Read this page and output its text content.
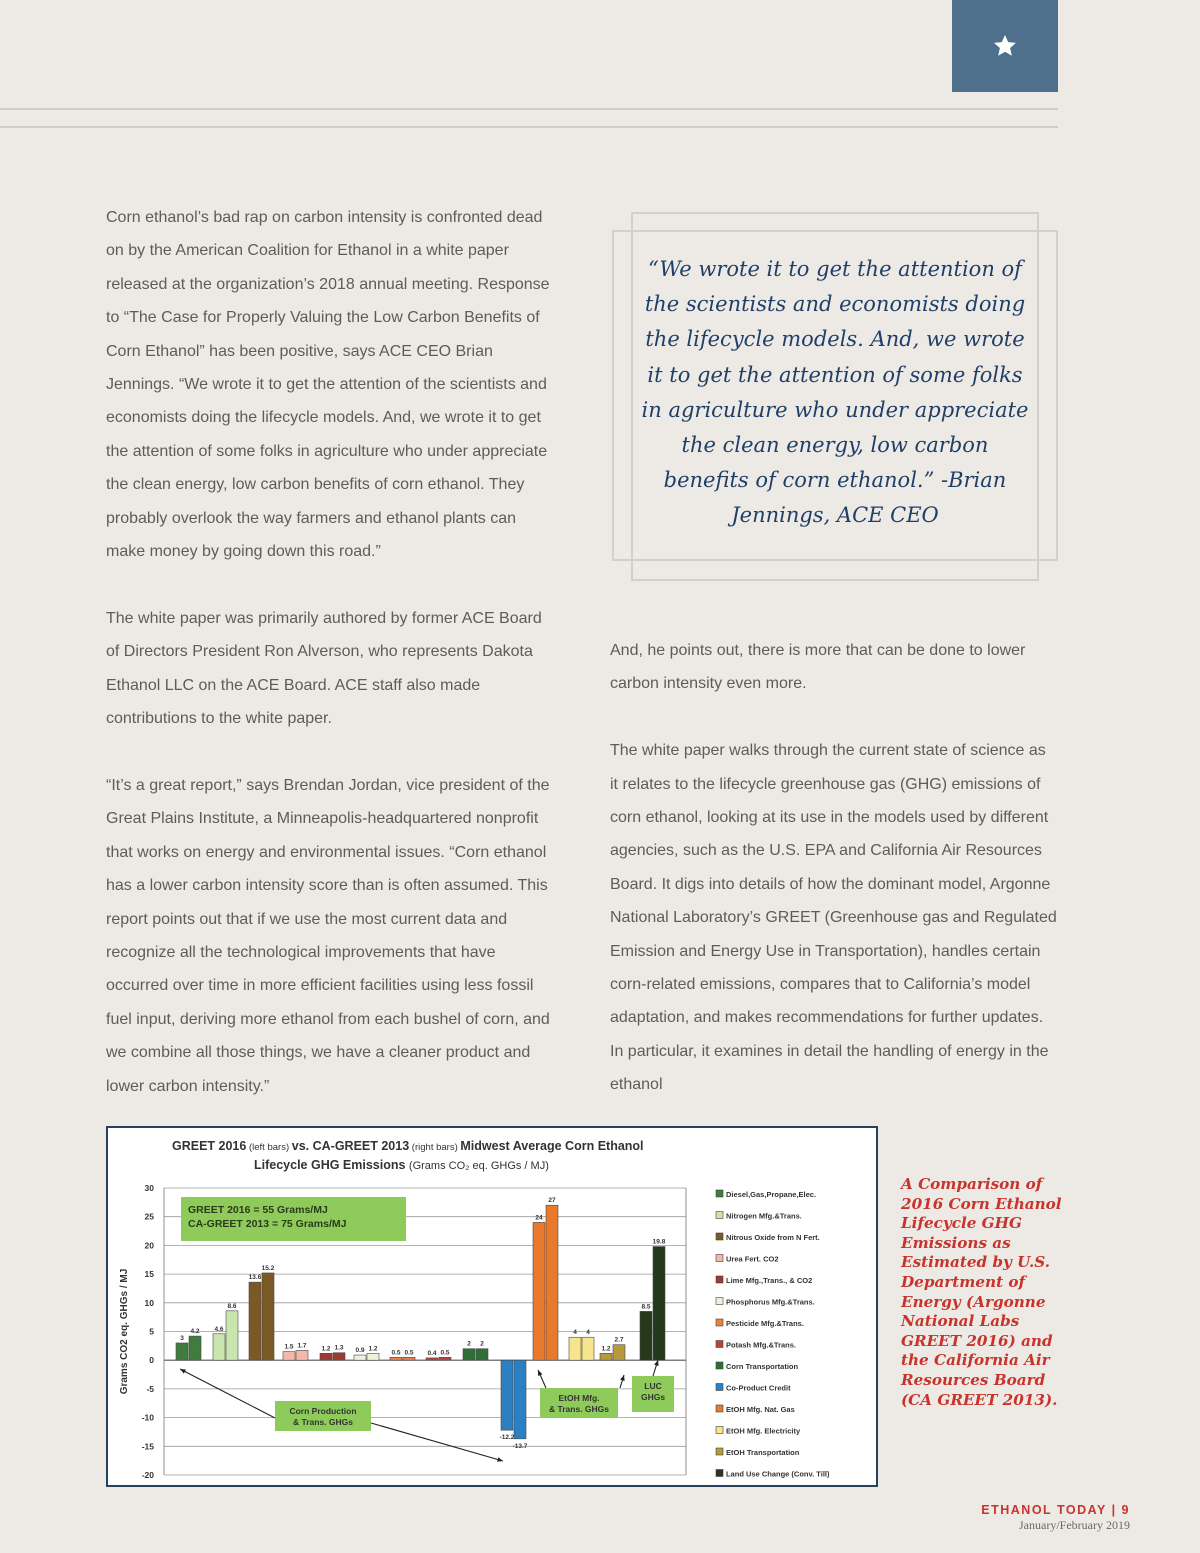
Corn ethanol’s bad rap on carbon intensity is confronted dead on by the American Coalition for Ethanol in a white paper released at the organization’s 2018 annual meeting. Response to “The Case for Properly Valuing the Low Carbon Benefits of Corn Ethanol” has been positive, says ACE CEO Brian Jennings. “We wrote it to get the attention of the scientists and economists doing the lifecycle models. And, we wrote it to get the attention of some folks in agriculture who under appreciate the clean energy, low carbon benefits of corn ethanol. They probably overlook the way farmers and ethanol plants can make money by going down this road.”

The white paper was primarily authored by former ACE Board of Directors President Ron Alverson, who represents Dakota Ethanol LLC on the ACE Board. ACE staff also made contributions to the white paper.

“It’s a great report,” says Brendan Jordan, vice president of the Great Plains Institute, a Minneapolis-headquartered nonprofit that works on energy and environmental issues. “Corn ethanol has a lower carbon intensity score than is often assumed. This report points out that if we use the most current data and recognize all the technological improvements that have occurred over time in more efficient facilities using less fossil fuel input, deriving more ethanol from each bushel of corn, and we combine all those things, we have a cleaner product and lower carbon intensity.”

“We wrote it to get the attention of the scientists and economists doing the lifecycle models. And, we wrote it to get the attention of some folks in agriculture who under appreciate the clean energy, low carbon benefits of corn ethanol.” -Brian Jennings, ACE CEO

And, he points out, there is more that can be done to lower carbon intensity even more.

The white paper walks through the current state of science as it relates to the lifecycle greenhouse gas (GHG) emissions of corn ethanol, looking at its use in the models used by different agencies, such as the U.S. EPA and California Air Resources Board. It digs into details of how the dominant model, Argonne National Laboratory’s GREET (Greenhouse gas and Regulated Emission and Energy Use in Transportation), handles certain corn-related emissions, compares that to California’s model adaptation, and makes recommendations for further updates. In particular, it examines in detail the handling of energy in the ethanol

GREET 2016 (left bars) vs. CA-GREET 2013 (right bars) Midwest Average Corn Ethanol
Lifecycle GHG Emissions (Grams CO₂ eq. GHGs / MJ)
Grams CO2 eq. GHGs / MJ
30
25
20
15
10
5
0
-5
-10
-15
-20
GREET 2016 = 55 Grams/MJ
CA-GREET 2013 = 75 Grams/MJ
3
4.2 4.6
8.6
13.6
15.2
1.5 1.7 1.2 1.3 0.9 1.2
0.5 0.5 0.4 0.5
2 2
-12.2
-13.7
24
27
4 4
1.2
2.7
8.5
19.8
Corn Production
& Trans. GHGs
EtOH Mfg.
& Trans. GHGs
LUC
GHGs
Diesel,Gas,Propane,Elec.
Nitrogen Mfg.&Trans.
Nitrous Oxide from N Fert.
Urea Fert. CO2
Lime Mfg.,Trans., & CO2
Phosphorus Mfg.&Trans.
Pesticide Mfg.&Trans.
Potash Mfg.&Trans.
Corn Transportation
Co-Product Credit
EtOH Mfg. Nat. Gas
EtOH Mfg. Electricity
EtOH Transportation
Land Use Change (Conv. Till)
A Comparison of 2016 Corn Ethanol Lifecycle GHG Emissions as Estimated by U.S. Department of Energy (Argonne National Labs GREET 2016) and the California Air Resources Board (CA GREET 2013).
ETHANOL TODAY | 9
January/February 2019
